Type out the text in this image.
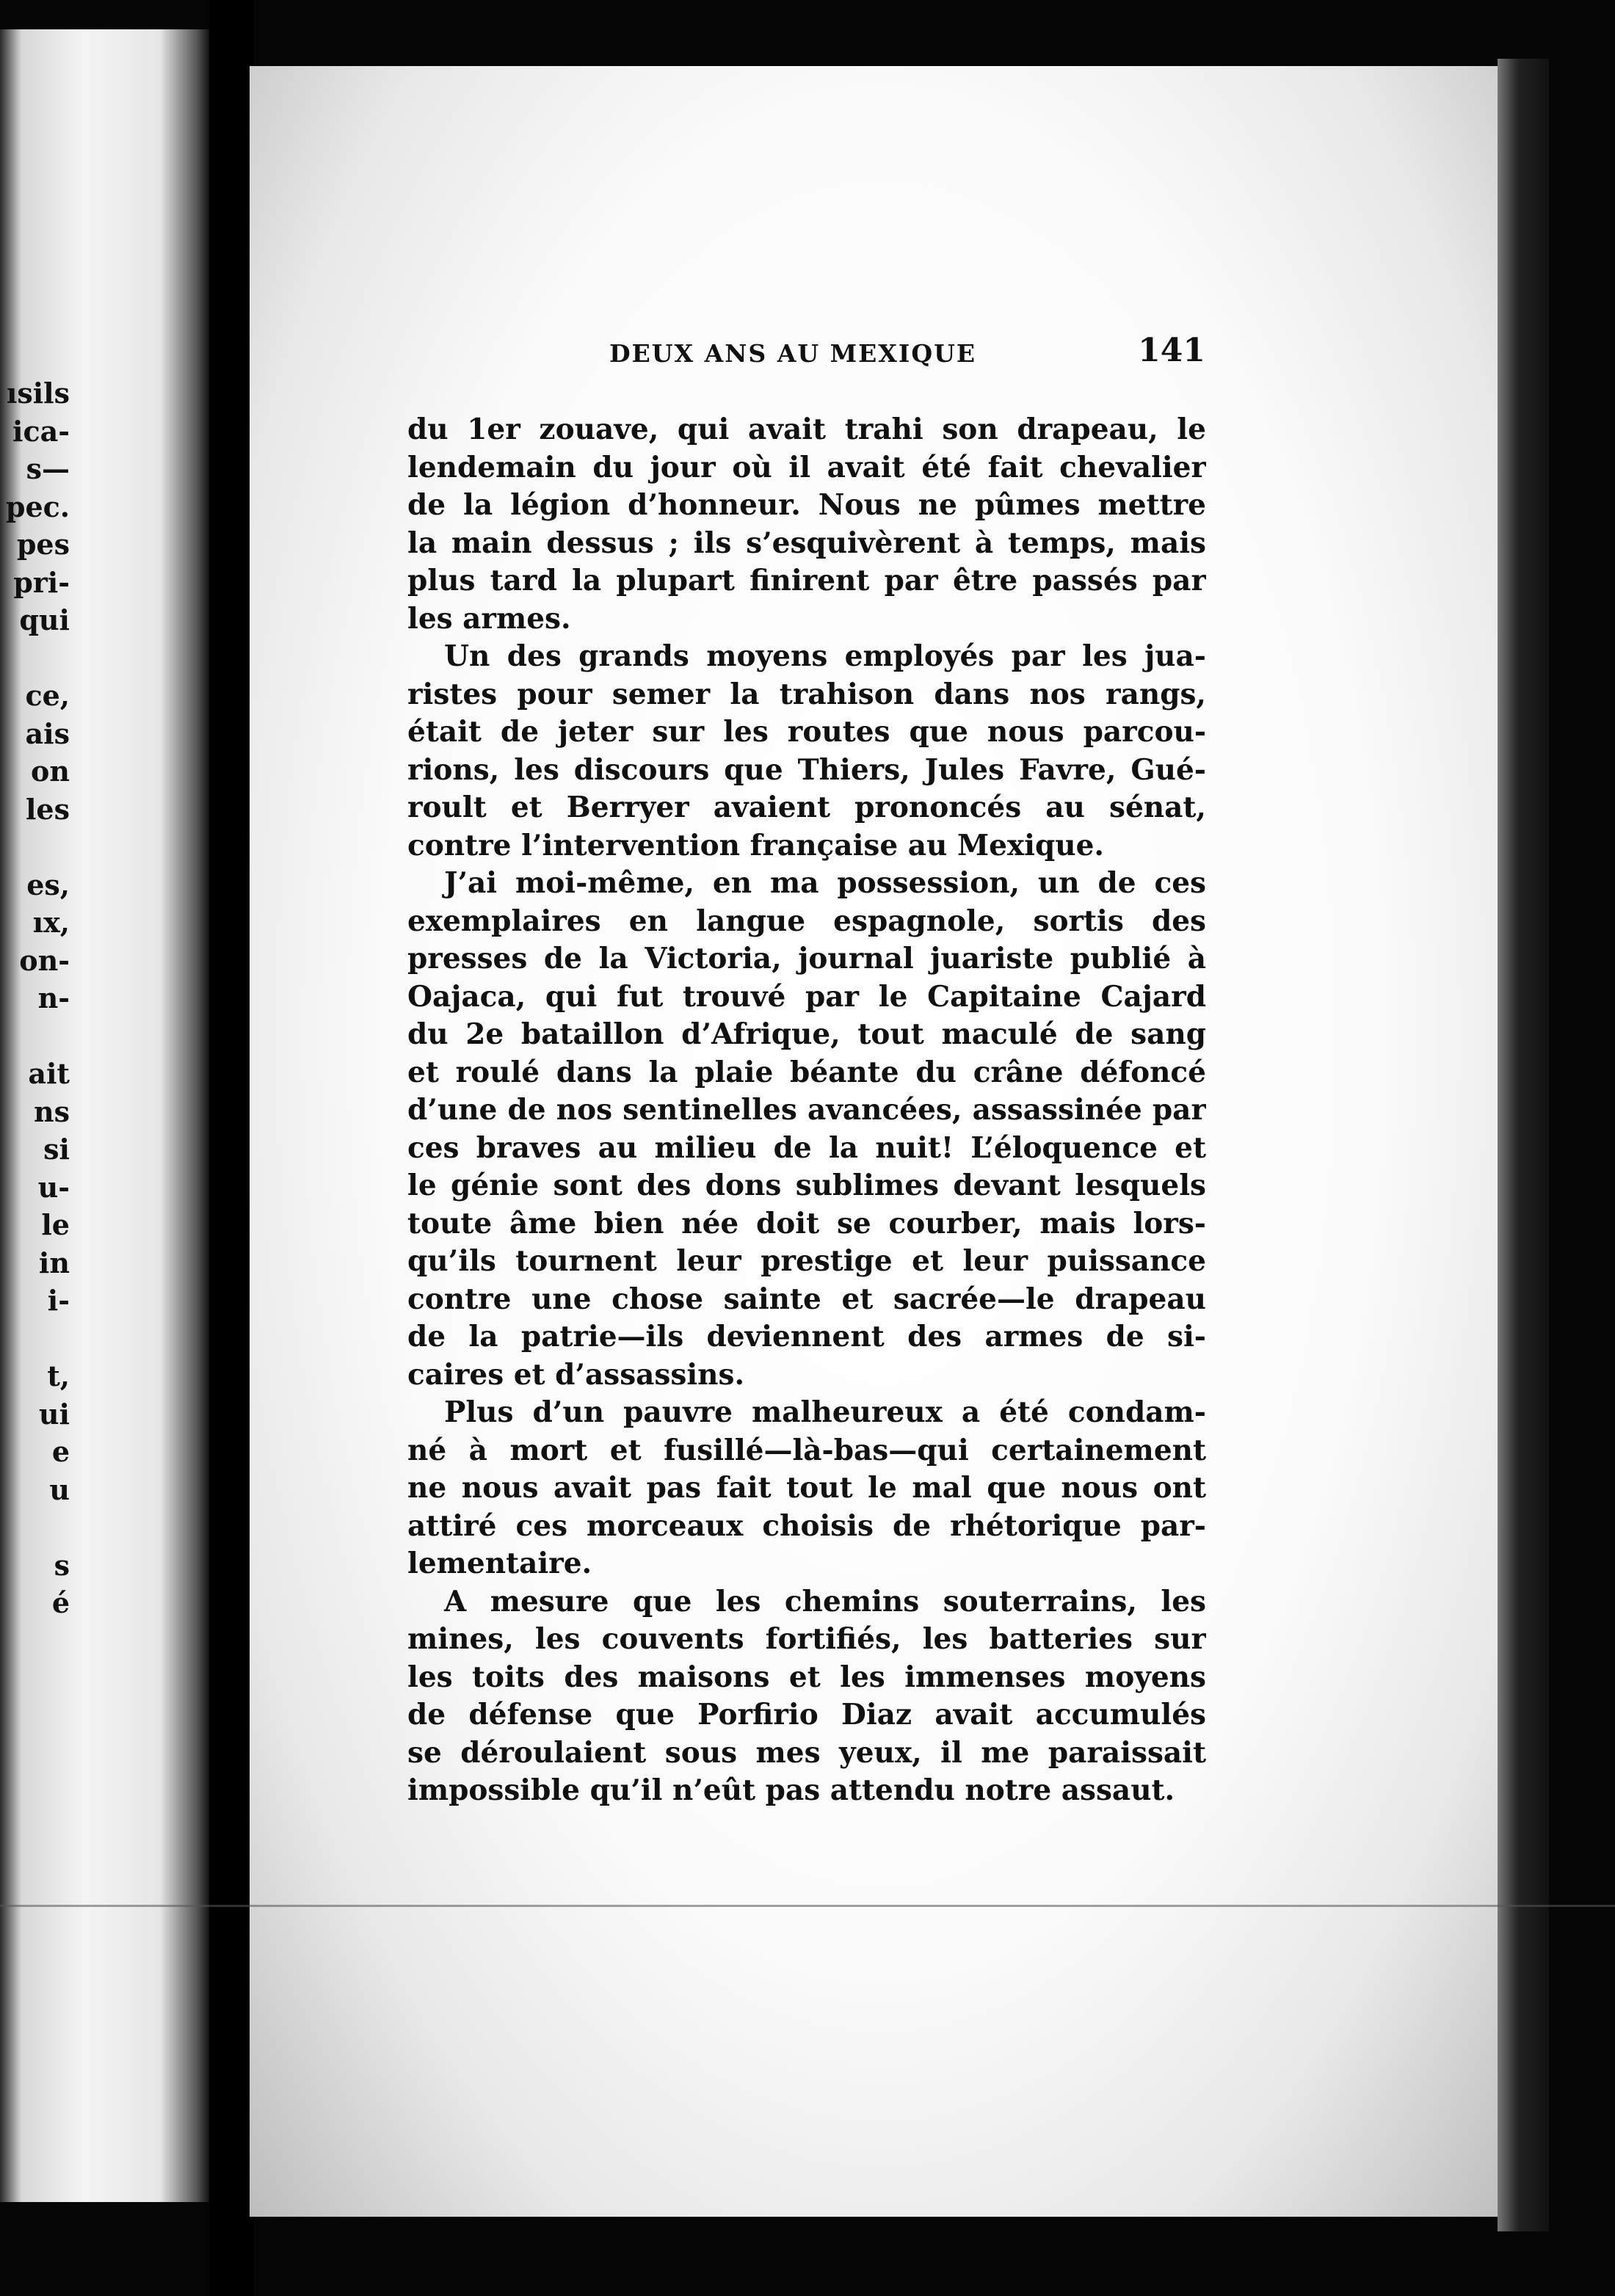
ısils
ica-
s—
pec.
pes
pri-
qui
ce,
ais
on
les
es,
ıx,
on-
n-
ait
ns
si
u-
le
in
i-
t,
ui
e
u
s
é
DEUX ANS AU MEXIQUE	141
du 1er zouave, qui avait trahi son drapeau, le
lendemain du jour où il avait été fait chevalier
de la légion d’honneur. Nous ne pûmes mettre
la main dessus ; ils s’esquivèrent à temps, mais
plus tard la plupart finirent par être passés par
les armes.
Un des grands moyens employés par les jua-
ristes pour semer la trahison dans nos rangs,
était de jeter sur les routes que nous parcou-
rions, les discours que Thiers, Jules Favre, Gué-
roult et Berryer avaient prononcés au sénat,
contre l’intervention française au Mexique.
J’ai moi-même, en ma possession, un de ces
exemplaires en langue espagnole, sortis des
presses de la Victoria, journal juariste publié à
Oajaca, qui fut trouvé par le Capitaine Cajard
du 2e bataillon d’Afrique, tout maculé de sang
et roulé dans la plaie béante du crâne défoncé
d’une de nos sentinelles avancées, assassinée par
ces braves au milieu de la nuit! L’éloquence et
le génie sont des dons sublimes devant lesquels
toute âme bien née doit se courber, mais lors-
qu’ils tournent leur prestige et leur puissance
contre une chose sainte et sacrée—le drapeau
de la patrie—ils deviennent des armes de si-
caires et d’assassins.
Plus d’un pauvre malheureux a été condam-
né à mort et fusillé—là-bas—qui certainement
ne nous avait pas fait tout le mal que nous ont
attiré ces morceaux choisis de rhétorique par-
lementaire.
A mesure que les chemins souterrains, les
mines, les couvents fortifiés, les batteries sur
les toits des maisons et les immenses moyens
de défense que Porfirio Diaz avait accumulés
se déroulaient sous mes yeux, il me paraissait
impossible qu’il n’eût pas attendu notre assaut.
